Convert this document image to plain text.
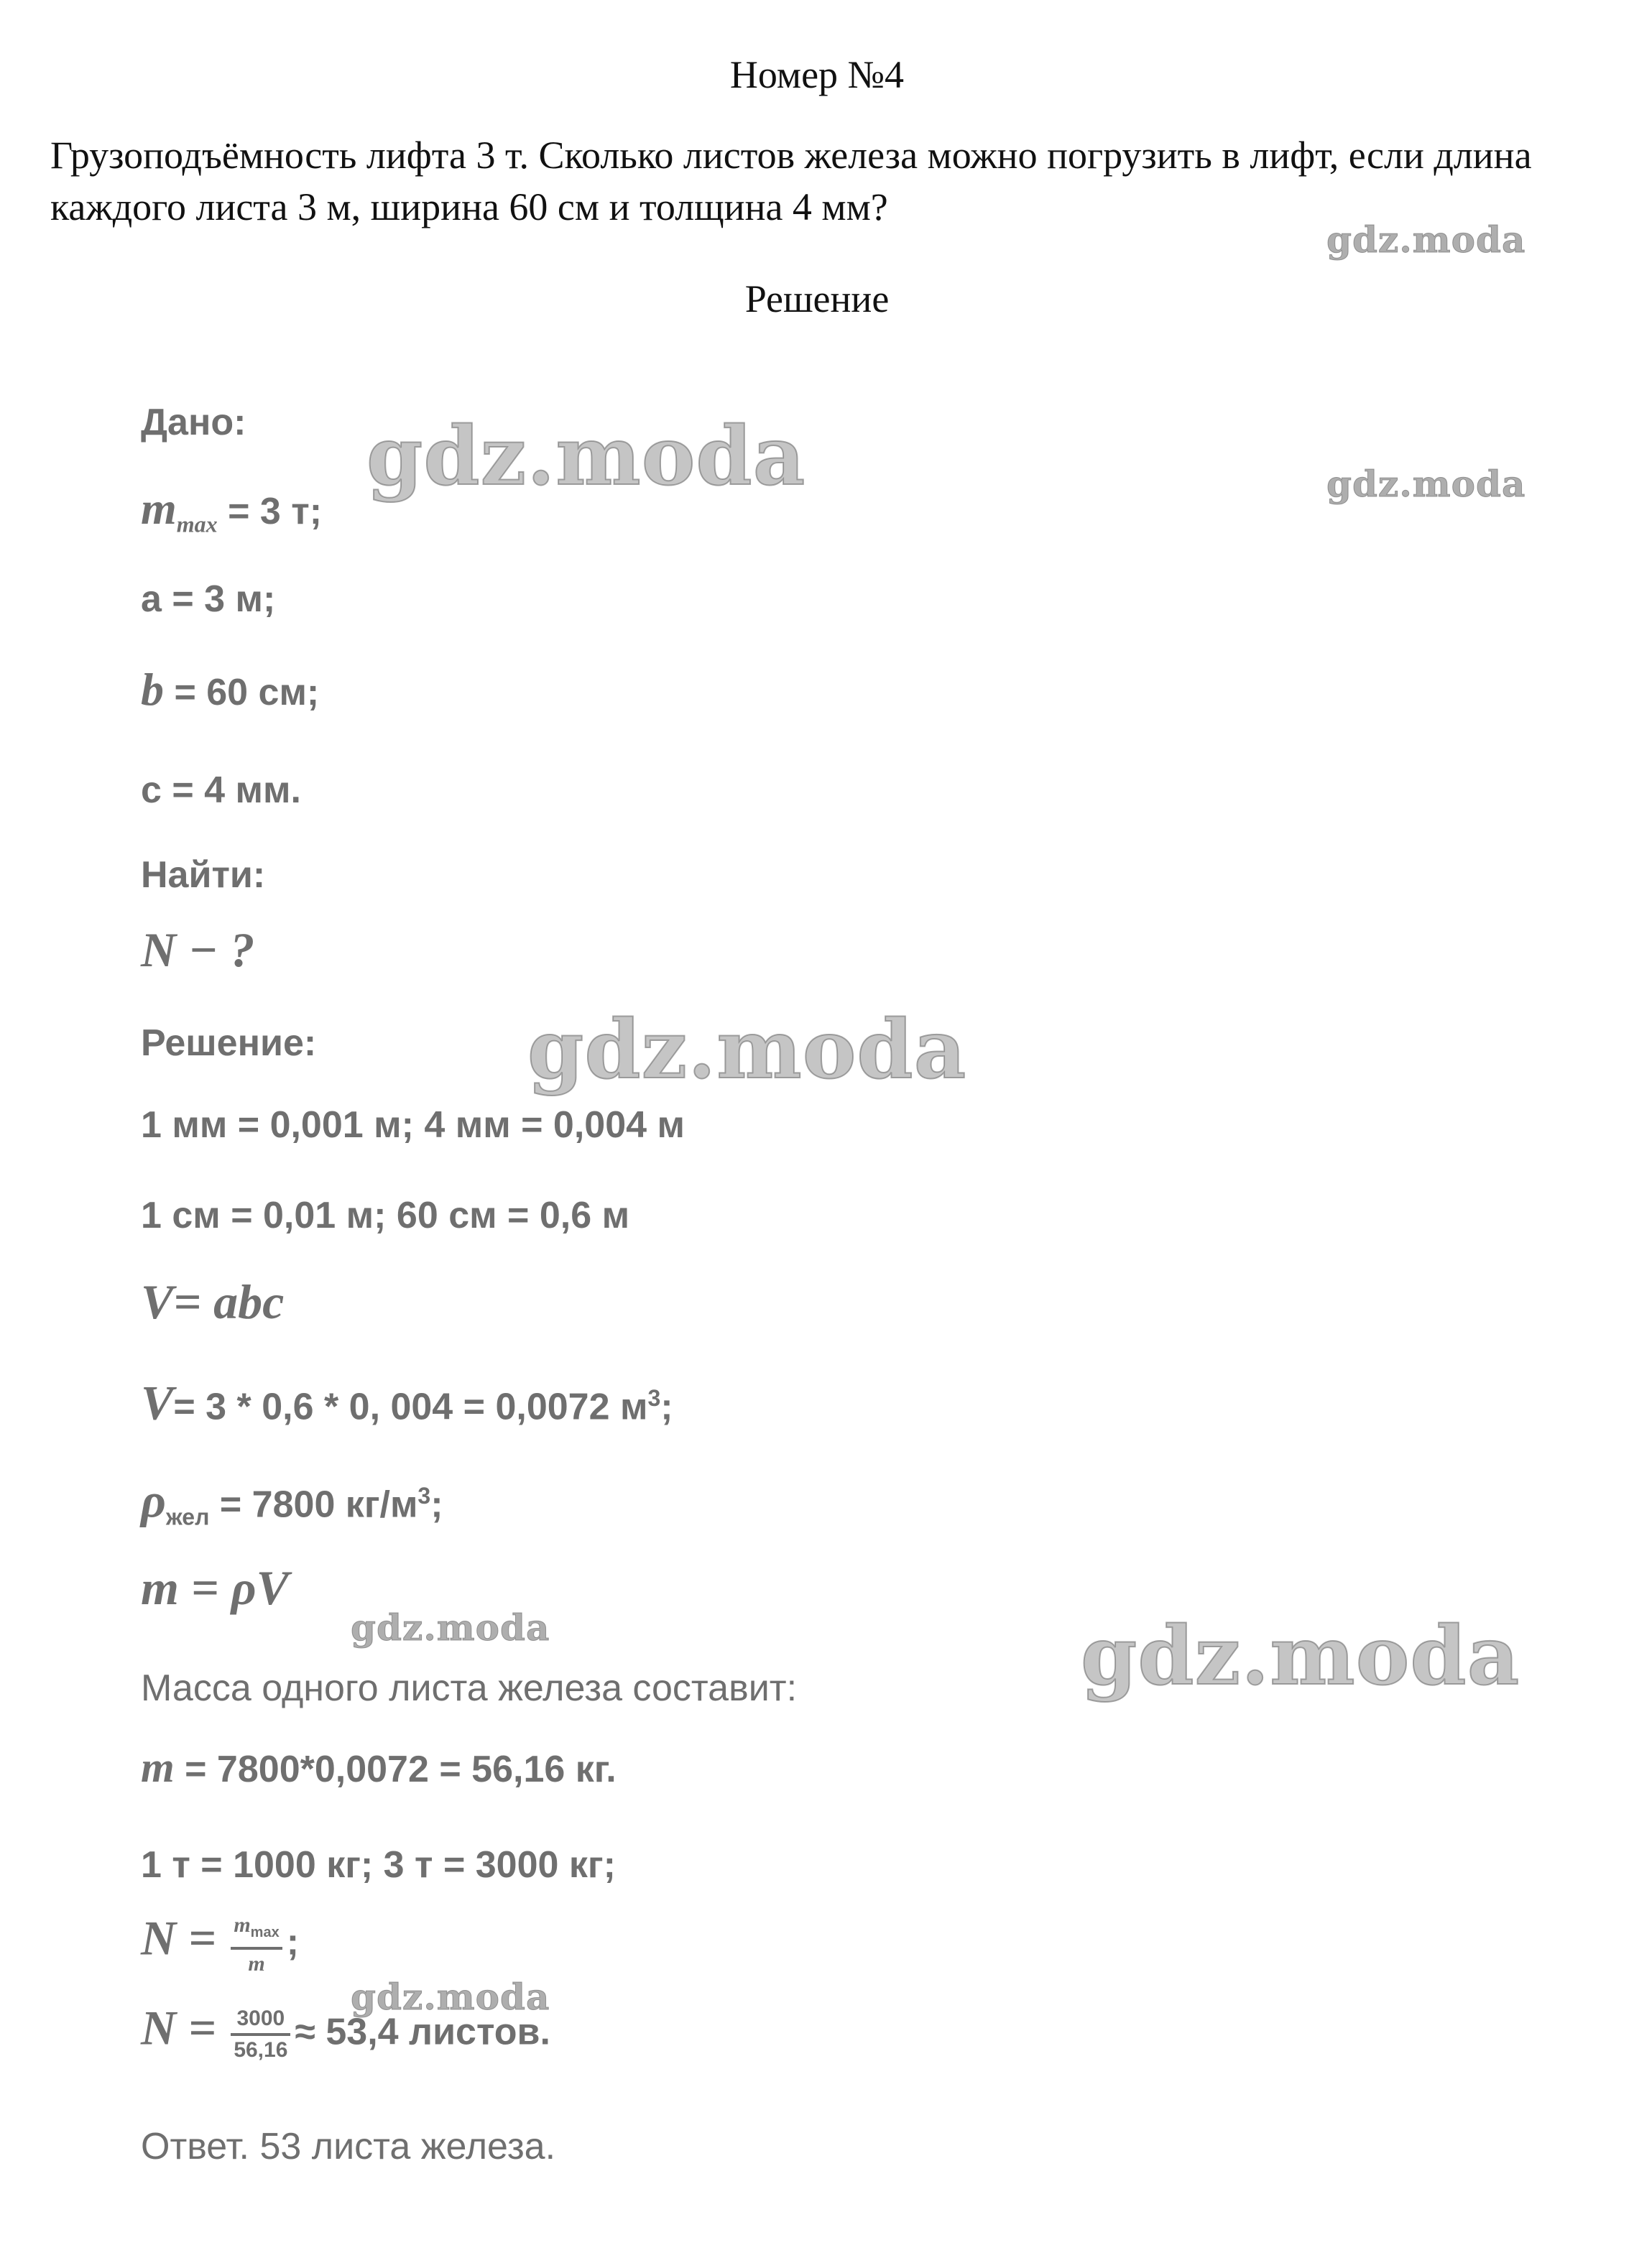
Номер №4
Грузоподъёмность лифта 3 т. Сколько листов железа можно погрузить в лифт, если длина каждого листа 3 м, ширина 60 см и толщина 4 мм?
Решение
Дано:
$m_{max} = 3$ т;
a = 3 м;
b = 60 см;
c = 4 мм.
Найти:
N − ?
Решение:
1 мм = 0,001 м; 4 мм = 0,004 м
1 см = 0,01 м; 60 см = 0,6 м
V= abc
V= 3 * 0,6 * 0, 004 = 0,0072 $м^3$;
$\rho_{жел} = 7800$ $кг/м^3$;
m = ρV
Масса одного листа железа составит:
m = 7800*0,0072 = 56,16 кг.
1 т = 1000 кг; 3 т = 3000 кг;
$N = \frac{m_{max}}{m}$ ;
$N = \frac{3000}{56,16} \approx 53,4$ листов.
Ответ. 53 листа железа.
gdz.moda
gdz.moda	gdz.moda
gdz.moda
gdz.moda	gdz.moda
gdz.moda
